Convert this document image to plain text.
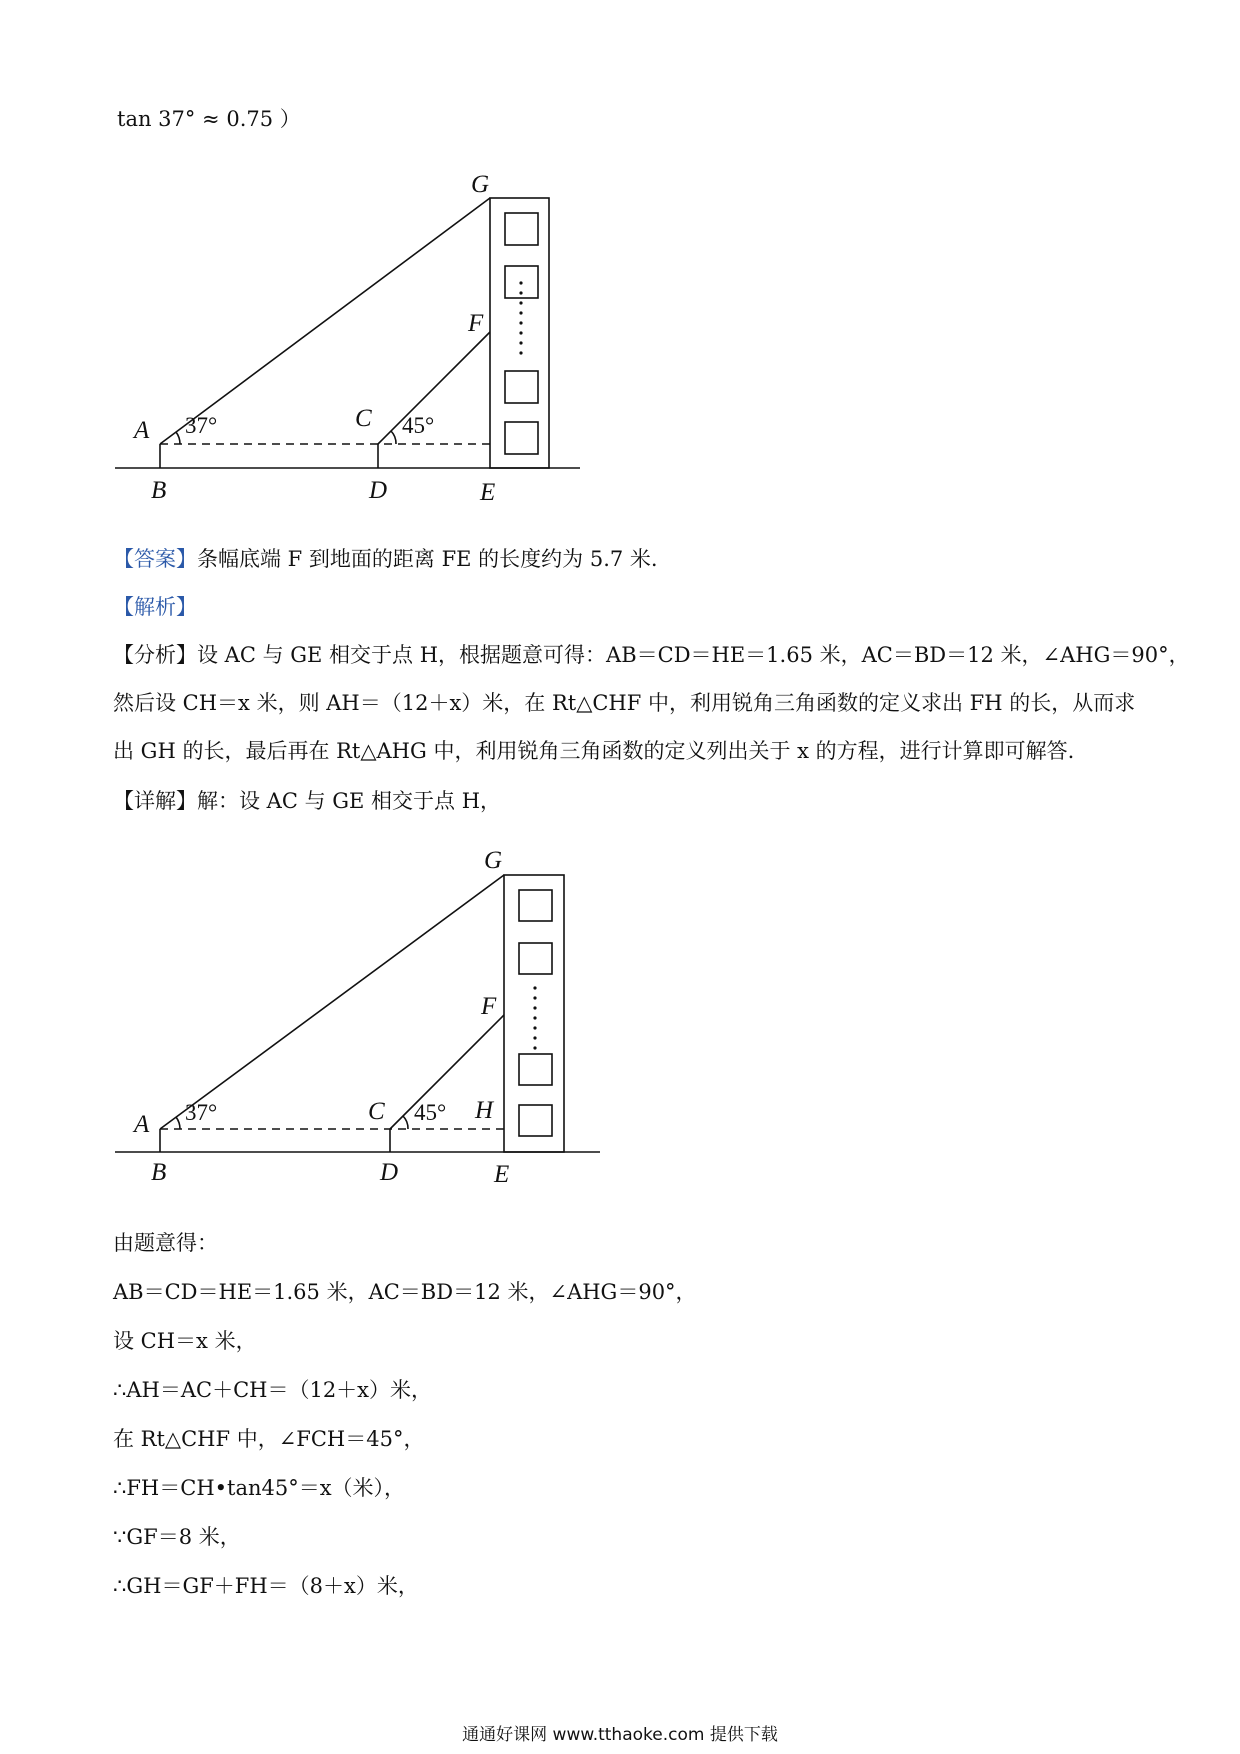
tan 37° ≈ 0.75 ）
G
F
A	C
B	D	E
37°	45°
【答案】条幅底端 F 到地面的距离 FE 的长度约为 5.7 米.
【解析】
【分析】设 AC 与 GE 相交于点 H，根据题意可得：AB＝CD＝HE＝1.65 米，AC＝BD＝12 米，∠AHG＝90°，
然后设 CH＝x 米，则 AH＝（12＋x）米，在 Rt△CHF 中，利用锐角三角函数的定义求出 FH 的长，从而求
出 GH 的长，最后再在 Rt△AHG 中，利用锐角三角函数的定义列出关于 x 的方程，进行计算即可解答.
【详解】解：设 AC 与 GE 相交于点 H，
G
F
A	C	H
B	D	E
37°	45°
由题意得：
AB＝CD＝HE＝1.65 米，AC＝BD＝12 米，∠AHG＝90°，
设 CH＝x 米，
∴AH＝AC＋CH＝（12＋x）米，
在 Rt△CHF 中，∠FCH＝45°，
∴FH＝CH•tan45°＝x（米），
∵GF＝8 米，
∴GH＝GF＋FH＝（8＋x）米，
通通好课网 www.tthaoke.com 提供下载
